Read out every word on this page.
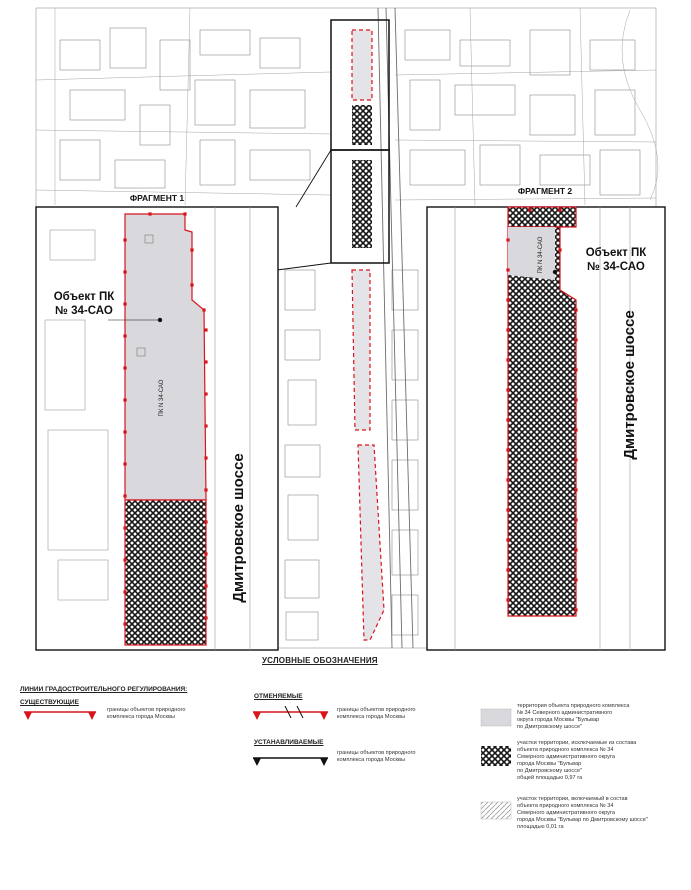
Объект ПК
№ 34-САО
ПК N 34-САО
Дмитровское шоссе
ФРАГМЕНТ 1
ПК N 34-САО	Объект ПК
№ 34-САО
Дмитровское шоссе
ФРАГМЕНТ 2
УСЛОВНЫЕ ОБОЗНАЧЕНИЯ
ЛИНИИ ГРАДОСТРОИТЕЛЬНОГО РЕГУЛИРОВАНИЯ:
СУЩЕСТВУЮЩИЕ
границы объектов природного
комплекса города Москвы
ОТМЕНЯЕМЫЕ
границы объектов природного
комплекса города Москвы
УСТАНАВЛИВАЕМЫЕ
границы объектов природного
комплекса города Москвы
территория объекта природного комплекса
№ 34 Северного административного
округа города Москвы "Бульвар
по Дмитровскому шоссе"
участки территории, исключаемые из состава
объекта природного комплекса № 34
Северного административного округа
города Москвы "Бульвар
по Дмитровскому шоссе"
общей площадью 0,97 га
участок территории, включаемый в состав
объекта природного комплекса № 34
Северного административного округа
города Москвы "Бульвар по Дмитровскому шоссе"
площадью 0,01 га
